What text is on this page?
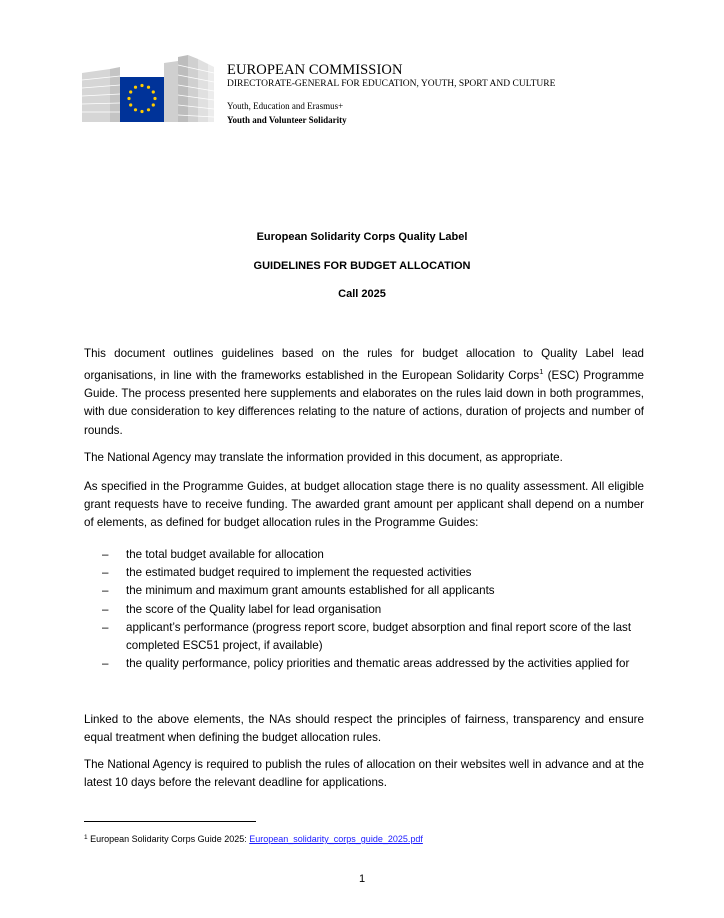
EUROPEAN COMMISSION
DIRECTORATE-GENERAL FOR EDUCATION, YOUTH, SPORT AND CULTURE
Youth, Education and Erasmus+
Youth and Volunteer Solidarity
European Solidarity Corps Quality Label
GUIDELINES FOR BUDGET ALLOCATION
Call 2025

This document outlines guidelines based on the rules for budget allocation to Quality Label lead organisations, in line with the frameworks established in the European Solidarity Corps$^1$ (ESC) Programme Guide. The process presented here supplements and elaborates on the rules laid down in both programmes, with due consideration to key differences relating to the nature of actions, duration of projects and number of rounds.

The National Agency may translate the information provided in this document, as appropriate.

As specified in the Programme Guides, at budget allocation stage there is no quality assessment. All eligible grant requests have to receive funding. The awarded grant amount per applicant shall depend on a number of elements, as defined for budget allocation rules in the Programme Guides:

– the total budget available for allocation
– the estimated budget required to implement the requested activities
– the minimum and maximum grant amounts established for all applicants
– the score of the Quality label for lead organisation
– applicant’s performance (progress report score, budget absorption and final report score of the last completed ESC51 project, if available)
– the quality performance, policy priorities and thematic areas addressed by the activities applied for

Linked to the above elements, the NAs should respect the principles of fairness, transparency and ensure equal treatment when defining the budget allocation rules.

The National Agency is required to publish the rules of allocation on their websites well in advance and at the latest 10 days before the relevant deadline for applications.

$^1$ European Solidarity Corps Guide 2025: European_solidarity_corps_guide_2025.pdf
1
